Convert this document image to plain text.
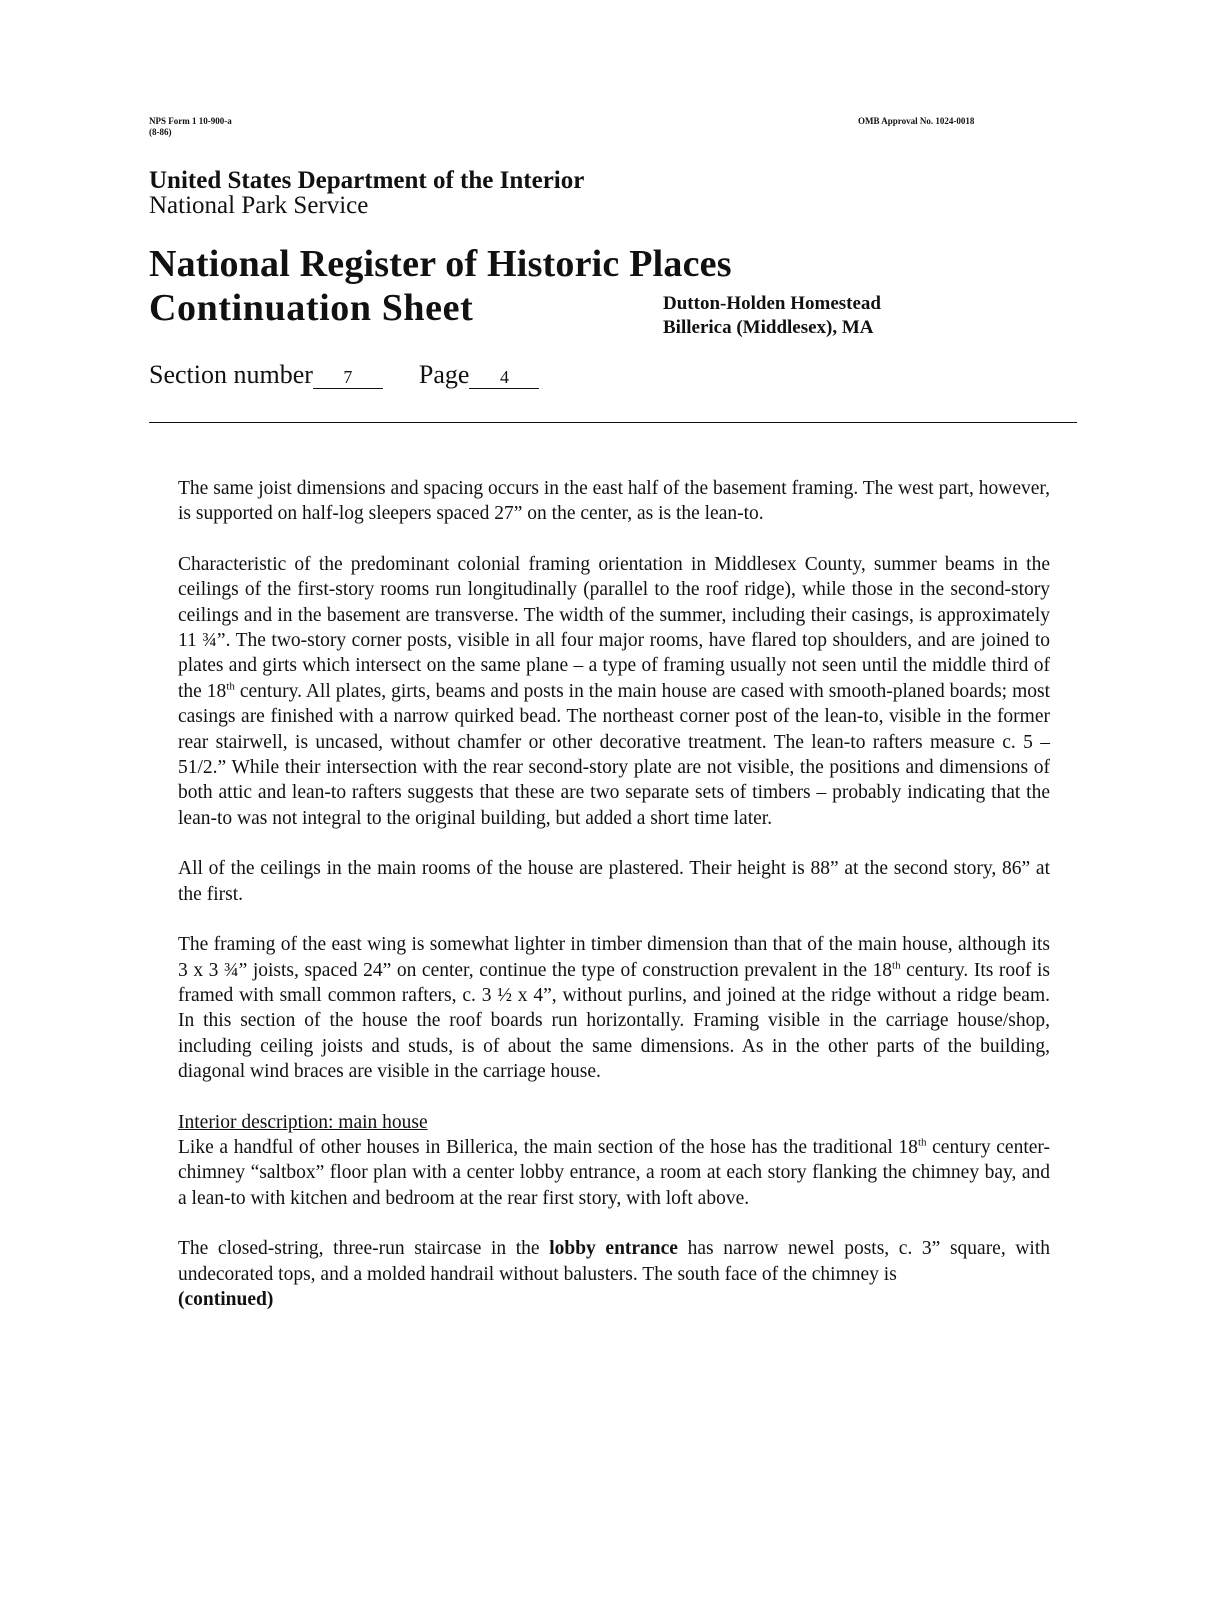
NPS Form 1 10-900-a
(8-86)
OMB Approval No. 1024-0018
United States Department of the Interior
National Park Service
National Register of Historic Places
Continuation Sheet	Dutton-Holden Homestead
Billerica (Middlesex), MA
Section number 7	Page 4

The same joist dimensions and spacing occurs in the east half of the basement framing. The west part, however, is supported on half-log sleepers spaced 27” on the center, as is the lean-to.

Characteristic of the predominant colonial framing orientation in Middlesex County, summer beams in the ceilings of the first-story rooms run longitudinally (parallel to the roof ridge), while those in the second-story ceilings and in the basement are transverse. The width of the summer, including their casings, is approximately 11 ¾”. The two-story corner posts, visible in all four major rooms, have flared top shoulders, and are joined to plates and girts which intersect on the same plane – a type of framing usually not seen until the middle third of the 18th century. All plates, girts, beams and posts in the main house are cased with smooth-planed boards; most casings are finished with a narrow quirked bead. The northeast corner post of the lean-to, visible in the former rear stairwell, is uncased, without chamfer or other decorative treatment. The lean-to rafters measure c. 5 – 51/2.” While their intersection with the rear second-story plate are not visible, the positions and dimensions of both attic and lean-to rafters suggests that these are two separate sets of timbers – probably indicating that the lean-to was not integral to the original building, but added a short time later.

All of the ceilings in the main rooms of the house are plastered. Their height is 88” at the second story, 86” at the first.

The framing of the east wing is somewhat lighter in timber dimension than that of the main house, although its 3 x 3 ¾” joists, spaced 24” on center, continue the type of construction prevalent in the 18th century. Its roof is framed with small common rafters, c. 3 ½ x 4”, without purlins, and joined at the ridge without a ridge beam. In this section of the house the roof boards run horizontally. Framing visible in the carriage house/shop, including ceiling joists and studs, is of about the same dimensions. As in the other parts of the building, diagonal wind braces are visible in the carriage house.

Interior description: main house
Like a handful of other houses in Billerica, the main section of the hose has the traditional 18th century center-chimney “saltbox” floor plan with a center lobby entrance, a room at each story flanking the chimney bay, and a lean-to with kitchen and bedroom at the rear first story, with loft above.

The closed-string, three-run staircase in the lobby entrance has narrow newel posts, c. 3” square, with undecorated tops, and a molded handrail without balusters. The south face of the chimney is

(continued)
